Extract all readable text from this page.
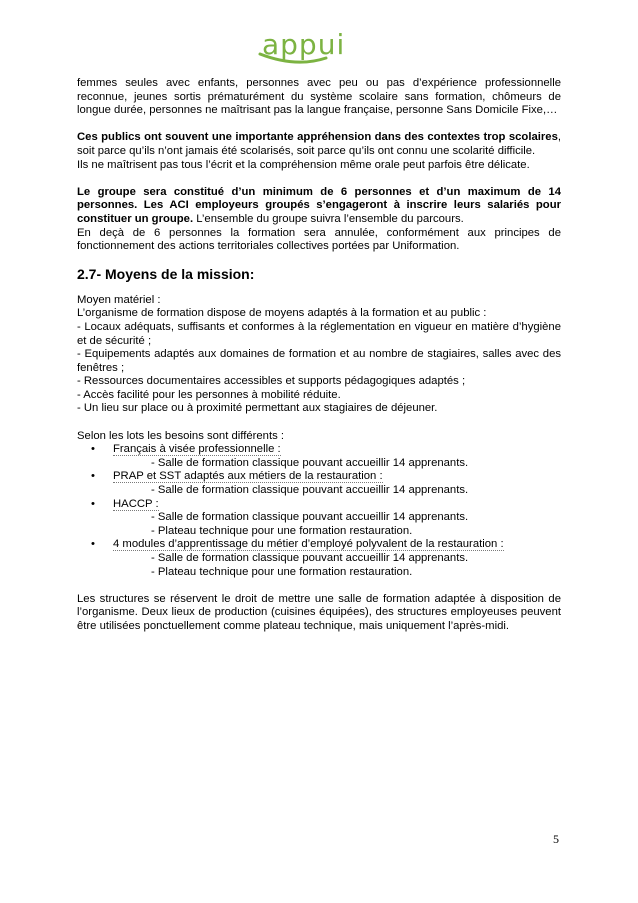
appui

femmes seules avec enfants, personnes avec peu ou pas d’expérience professionnelle reconnue, jeunes sortis prématurément du système scolaire sans formation, chômeurs de longue durée, personnes ne maîtrisant pas la langue française, personne Sans Domicile Fixe,…

Ces publics ont souvent une importante appréhension dans des contextes trop scolaires, soit parce qu’ils n’ont jamais été scolarisés, soit parce qu’ils ont connu une scolarité difficile.

Ils ne maîtrisent pas tous l’écrit et la compréhension même orale peut parfois être délicate.

Le groupe sera constitué d’un minimum de 6 personnes et d’un maximum de 14 personnes. Les ACI employeurs groupés s’engageront à inscrire leurs salariés pour constituer un groupe. L’ensemble du groupe suivra l’ensemble du parcours.

En deçà de 6 personnes la formation sera annulée, conformément aux principes de fonctionnement des actions territoriales collectives portées par Uniformation.

2.7- Moyens de la mission:

Moyen matériel :

L’organisme de formation dispose de moyens adaptés à la formation et au public :

- Locaux adéquats, suffisants et conformes à la réglementation en vigueur en matière d’hygiène et de sécurité ;

- Equipements adaptés aux domaines de formation et au nombre de stagiaires, salles avec des fenêtres ;

- Ressources documentaires accessibles et supports pédagogiques adaptés ;

- Accès facilité pour les personnes à mobilité réduite.

- Un lieu sur place ou à proximité permettant aux stagiaires de déjeuner.

Selon les lots les besoins sont différents :

• Français à visée professionnelle :
- Salle de formation classique pouvant accueillir 14 apprenants.
• PRAP et SST adaptés aux métiers de la restauration :
- Salle de formation classique pouvant accueillir 14 apprenants.
• HACCP :
- Salle de formation classique pouvant accueillir 14 apprenants.
- Plateau technique pour une formation restauration.
• 4 modules d’apprentissage du métier d’employé polyvalent de la restauration :
- Salle de formation classique pouvant accueillir 14 apprenants.
- Plateau technique pour une formation restauration.

Les structures se réservent le droit de mettre une salle de formation adaptée à disposition de l’organisme. Deux lieux de production (cuisines équipées), des structures employeuses peuvent être utilisées ponctuellement comme plateau technique, mais uniquement l’après-midi.

5
